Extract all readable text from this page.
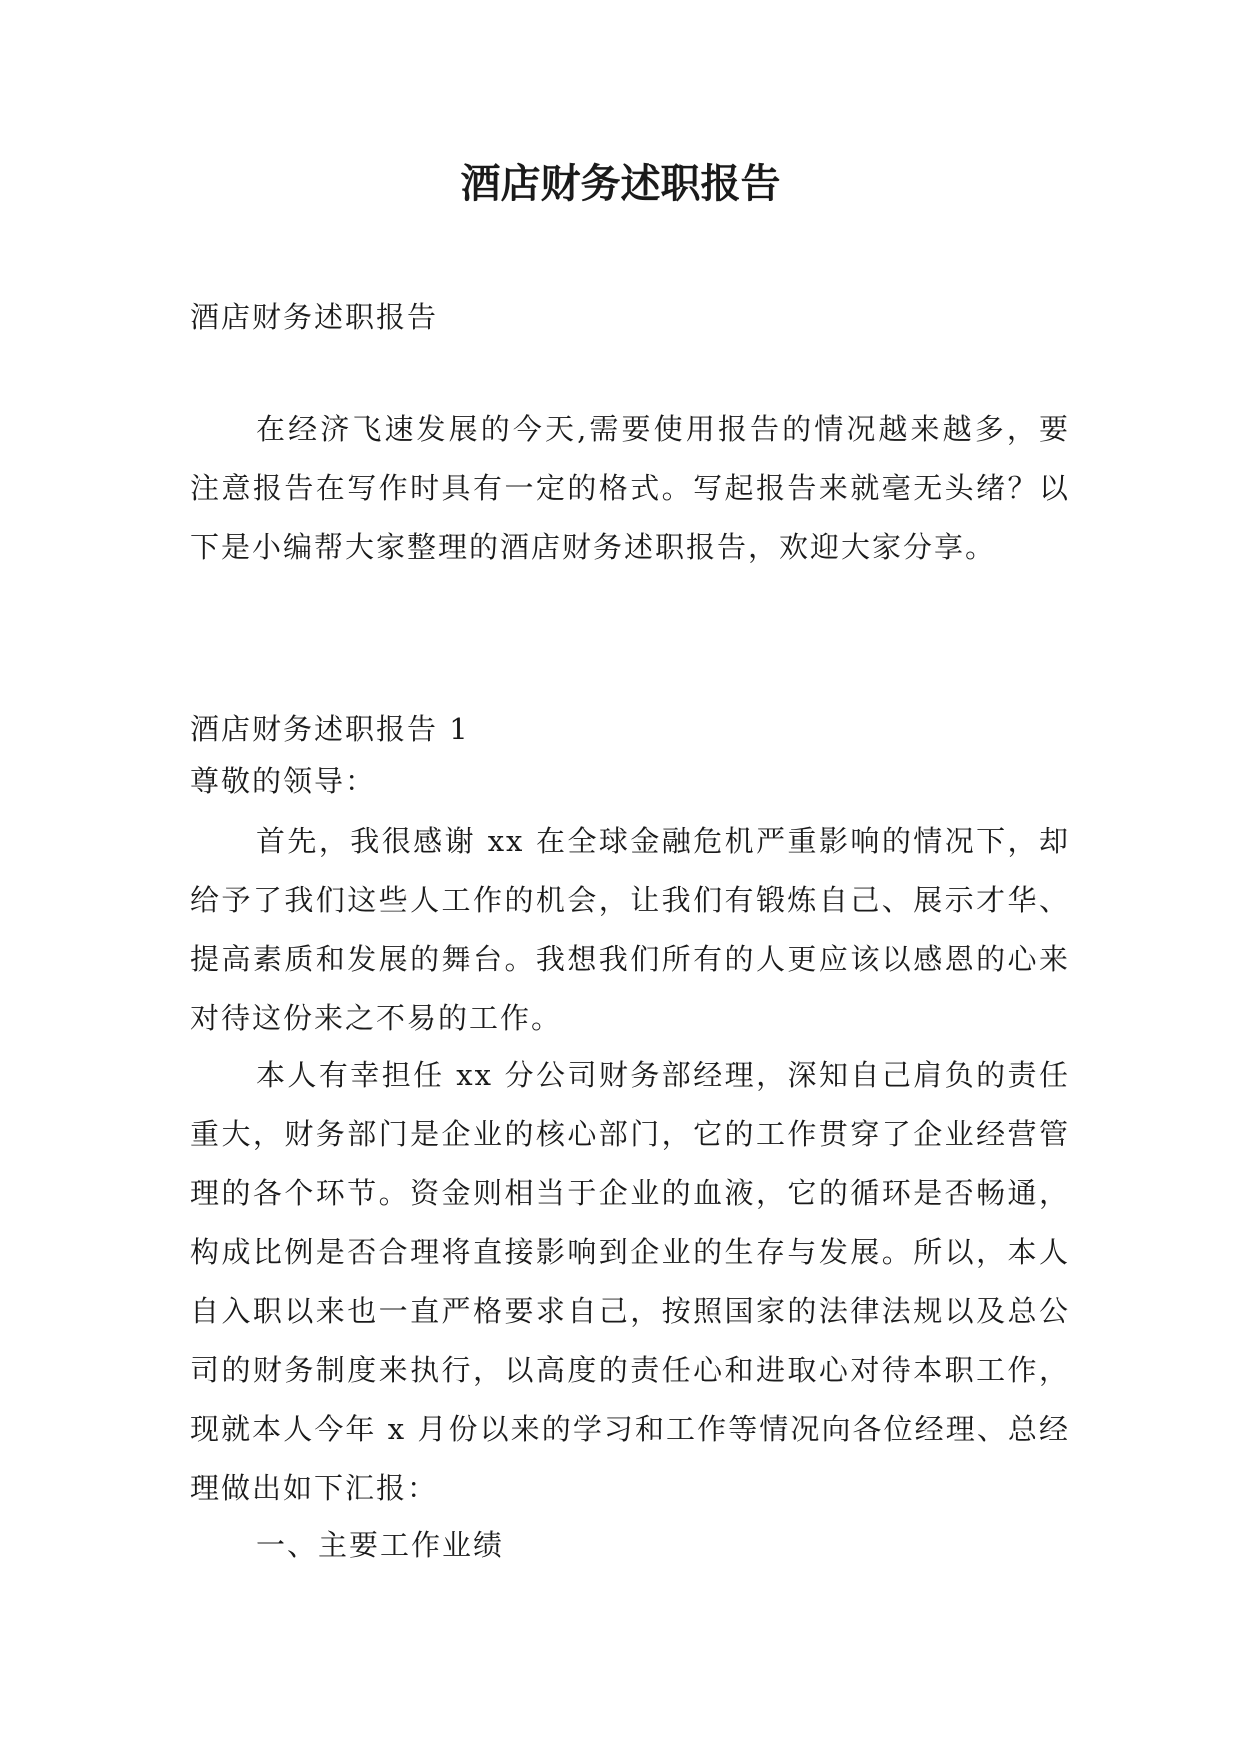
酒店财务述职报告

酒店财务述职报告

在经济飞速发展的今天,需要使用报告的情况越来越多，要注意报告在写作时具有一定的格式。写起报告来就毫无头绪？以下是小编帮大家整理的酒店财务述职报告，欢迎大家分享。

酒店财务述职报告 1

尊敬的领导：

首先，我很感谢 xx 在全球金融危机严重影响的情况下，却给予了我们这些人工作的机会，让我们有锻炼自己、展示才华、提高素质和发展的舞台。我想我们所有的人更应该以感恩的心来对待这份来之不易的工作。

本人有幸担任 xx 分公司财务部经理，深知自己肩负的责任重大，财务部门是企业的核心部门，它的工作贯穿了企业经营管理的各个环节。资金则相当于企业的血液，它的循环是否畅通，构成比例是否合理将直接影响到企业的生存与发展。所以，本人自入职以来也一直严格要求自己，按照国家的法律法规以及总公司的财务制度来执行，以高度的责任心和进取心对待本职工作，现就本人今年 x 月份以来的学习和工作等情况向各位经理、总经理做出如下汇报：

一、主要工作业绩
